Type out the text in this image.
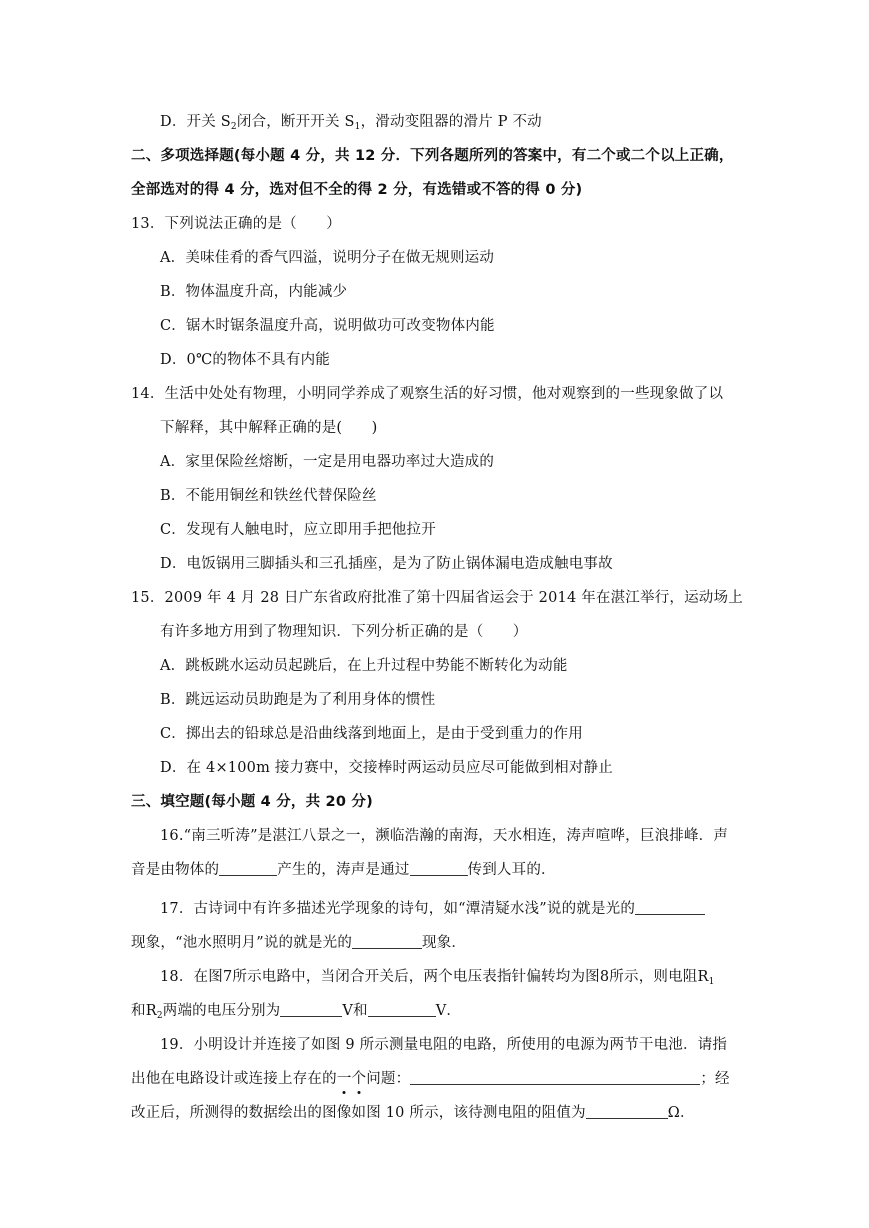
D．开关 $S_2$闭合，断开开关 $S_1$，滑动变阻器的滑片 P 不动
二、多项选择题(每小题 4 分，共 12 分．下列各题所列的答案中，有二个或二个以上正确，
全部选对的得 4 分，选对但不全的得 2 分，有选错或不答的得 0 分)
13．下列说法正确的是（　　）
A．美味佳肴的香气四溢，说明分子在做无规则运动
B．物体温度升高，内能减少
C．锯木时锯条温度升高，说明做功可改变物体内能
D．0℃的物体不具有内能
14．生活中处处有物理，小明同学养成了观察生活的好习惯，他对观察到的一些现象做了以
下解释，其中解释正确的是(　　)
A．家里保险丝熔断，一定是用电器功率过大造成的
B．不能用铜丝和铁丝代替保险丝
C．发现有人触电时，应立即用手把他拉开
D．电饭锅用三脚插头和三孔插座，是为了防止锅体漏电造成触电事故
15．2009 年 4 月 28 日广东省政府批准了第十四届省运会于 2014 年在湛江举行，运动场上
有许多地方用到了物理知识．下列分析正确的是（　　）
A．跳板跳水运动员起跳后，在上升过程中势能不断转化为动能
B．跳远运动员助跑是为了利用身体的惯性
C．掷出去的铅球总是沿曲线落到地面上，是由于受到重力的作用
D．在 4×100m 接力赛中，交接棒时两运动员应尽可能做到相对静止
三、填空题(每小题 4 分，共 20 分)
16.“南三听涛”是湛江八景之一，濒临浩瀚的南海，天水相连，涛声喧哗，巨浪排峰．声
音是由物体的	产生的，涛声是通过	传到人耳的．
17．古诗词中有许多描述光学现象的诗句，如“潭清疑水浅”说的就是光的
现象，“池水照明月”说的就是光的	现象．
18．在图7所示电路中，当闭合开关后，两个电压表指针偏转均为图8所示，则电阻$R_1$
和$R_2$两端的电压分别为	V和	V．
19．小明设计并连接了如图 9 所示测量电阻的电路，所使用的电源为两节干电池．请指
出他在电路设计或连接上存在的一个问题：	；经
改正后，所测得的数据绘出的图像如图 10 所示，该待测电阻的阻值为	Ω．
